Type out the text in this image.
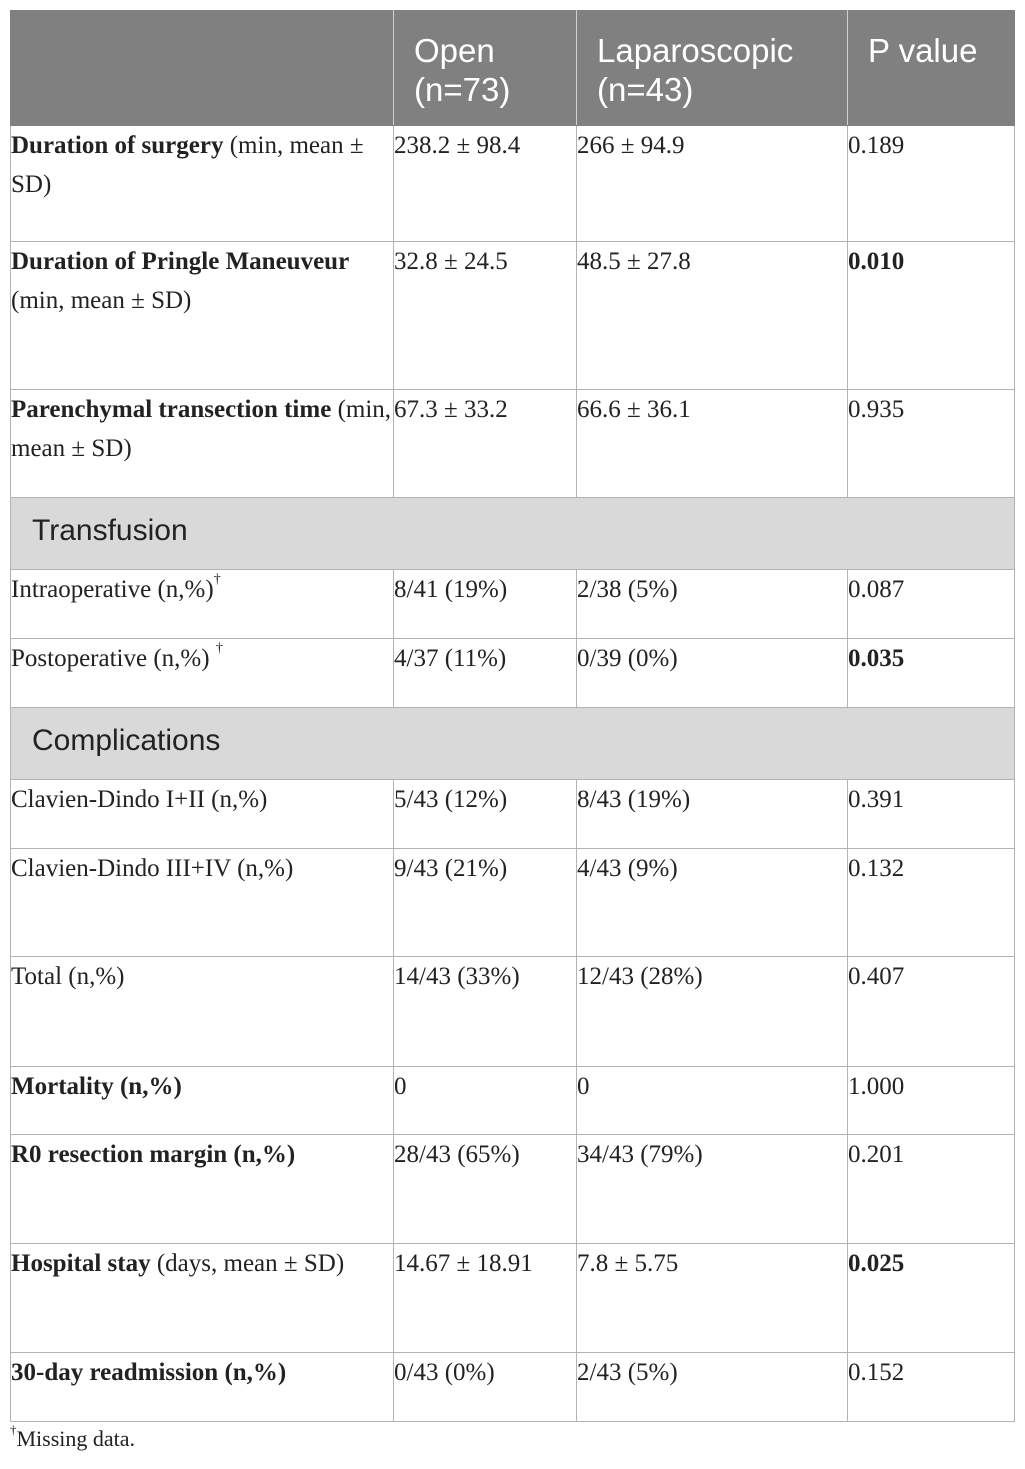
	Open (n=73)	Laparoscopic (n=43)	P value
Duration of surgery (min, mean ± SD)	238.2 ± 98.4	266 ± 94.9	0.189
Duration of Pringle Maneuveur (min, mean ± SD)	32.8 ± 24.5	48.5 ± 27.8	0.010
Parenchymal transection time (min, mean ± SD)	67.3 ± 33.2	66.6 ± 36.1	0.935
Transfusion			
Intraoperative (n,%)†	8/41 (19%)	2/38 (5%)	0.087
Postoperative (n,%) †	4/37 (11%)	0/39 (0%)	0.035
Complications			
Clavien-Dindo I+II (n,%)	5/43 (12%)	8/43 (19%)	0.391
Clavien-Dindo III+IV (n,%)	9/43 (21%)	4/43 (9%)	0.132
Total (n,%)	14/43 (33%)	12/43 (28%)	0.407
Mortality (n,%)	0	0	1.000
R0 resection margin (n,%)	28/43 (65%)	34/43 (79%)	0.201
Hospital stay (days, mean ± SD)	14.67 ± 18.91	7.8 ± 5.75	0.025
30-day readmission (n,%)	0/43 (0%)	2/43 (5%)	0.152
†Missing data.
